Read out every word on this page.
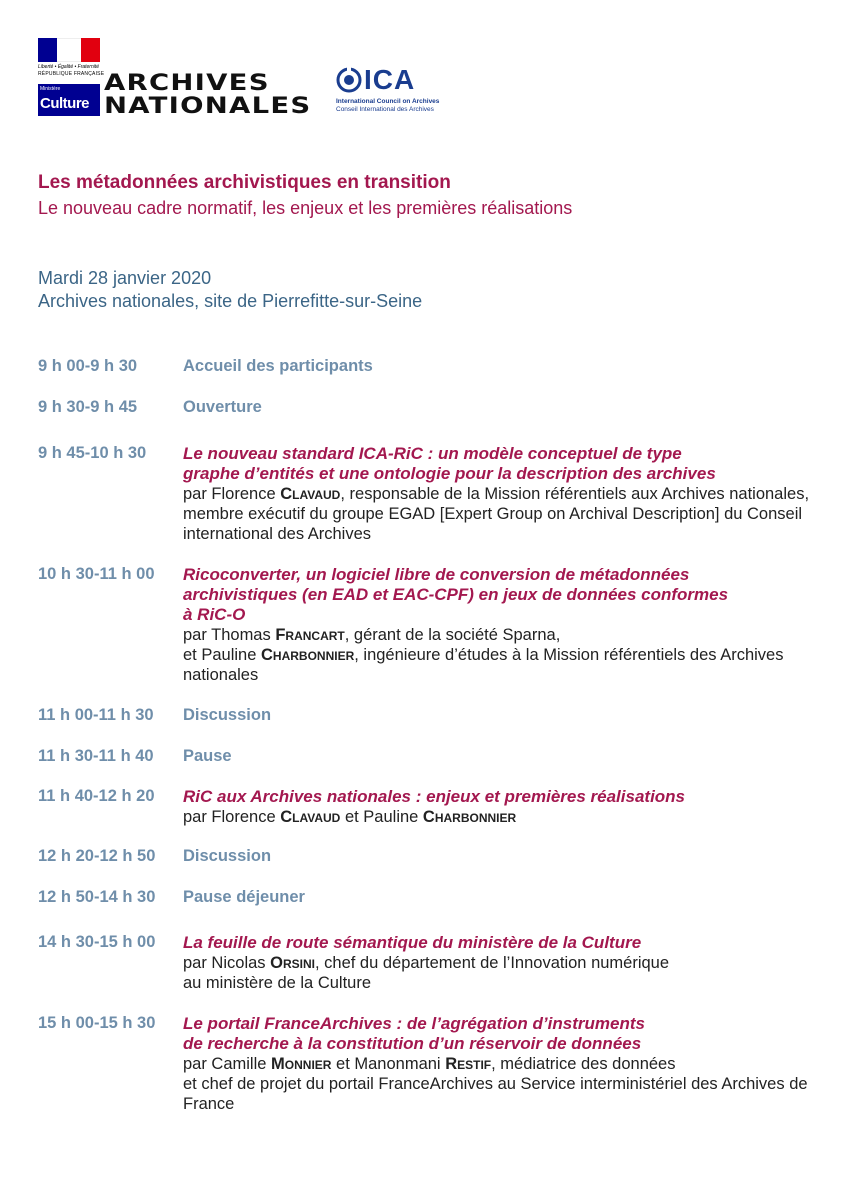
Liberté • Égalité • Fraternité
RÉPUBLIQUE FRANÇAISE
Ministère
Culture
ARCHIVES
NATIONALES
ICA
International Council on Archives
Conseil International des Archives
Les métadonnées archivistiques en transition
Le nouveau cadre normatif, les enjeux et les premières réalisations
Mardi 28 janvier 2020
Archives nationales, site de Pierrefitte-sur-Seine
9 h 00-9 h 30	Accueil des participants
9 h 30-9 h 45	Ouverture
9 h 45-10 h 30	Le nouveau standard ICA-RiC : un modèle conceptuel de type
graphe d’entités et une ontologie pour la description des archives
par Florence Clavaud, responsable de la Mission référentiels aux Archives nationales, membre exécutif du groupe EGAD [Expert Group on Archival Description] du Conseil international des Archives
10 h 30-11 h 00	Ricoconverter, un logiciel libre de conversion de métadonnées
archivistiques (en EAD et EAC-CPF) en jeux de données conformes
à RiC-O
par Thomas Francart, gérant de la société Sparna,
et Pauline Charbonnier, ingénieure d’études à la Mission référentiels des Archives nationales
11 h 00-11 h 30	Discussion
11 h 30-11 h 40	Pause
11 h 40-12 h 20	RiC aux Archives nationales : enjeux et premières réalisations
par Florence Clavaud et Pauline Charbonnier
12 h 20-12 h 50	Discussion
12 h 50-14 h 30	Pause déjeuner
14 h 30-15 h 00	La feuille de route sémantique du ministère de la Culture
par Nicolas Orsini, chef du département de l’Innovation numérique
au ministère de la Culture
15 h 00-15 h 30	Le portail FranceArchives : de l’agrégation d’instruments
de recherche à la constitution d’un réservoir de données
par Camille Monnier et Manonmani Restif, médiatrice des données
et chef de projet du portail FranceArchives au Service interministériel des Archives de France
